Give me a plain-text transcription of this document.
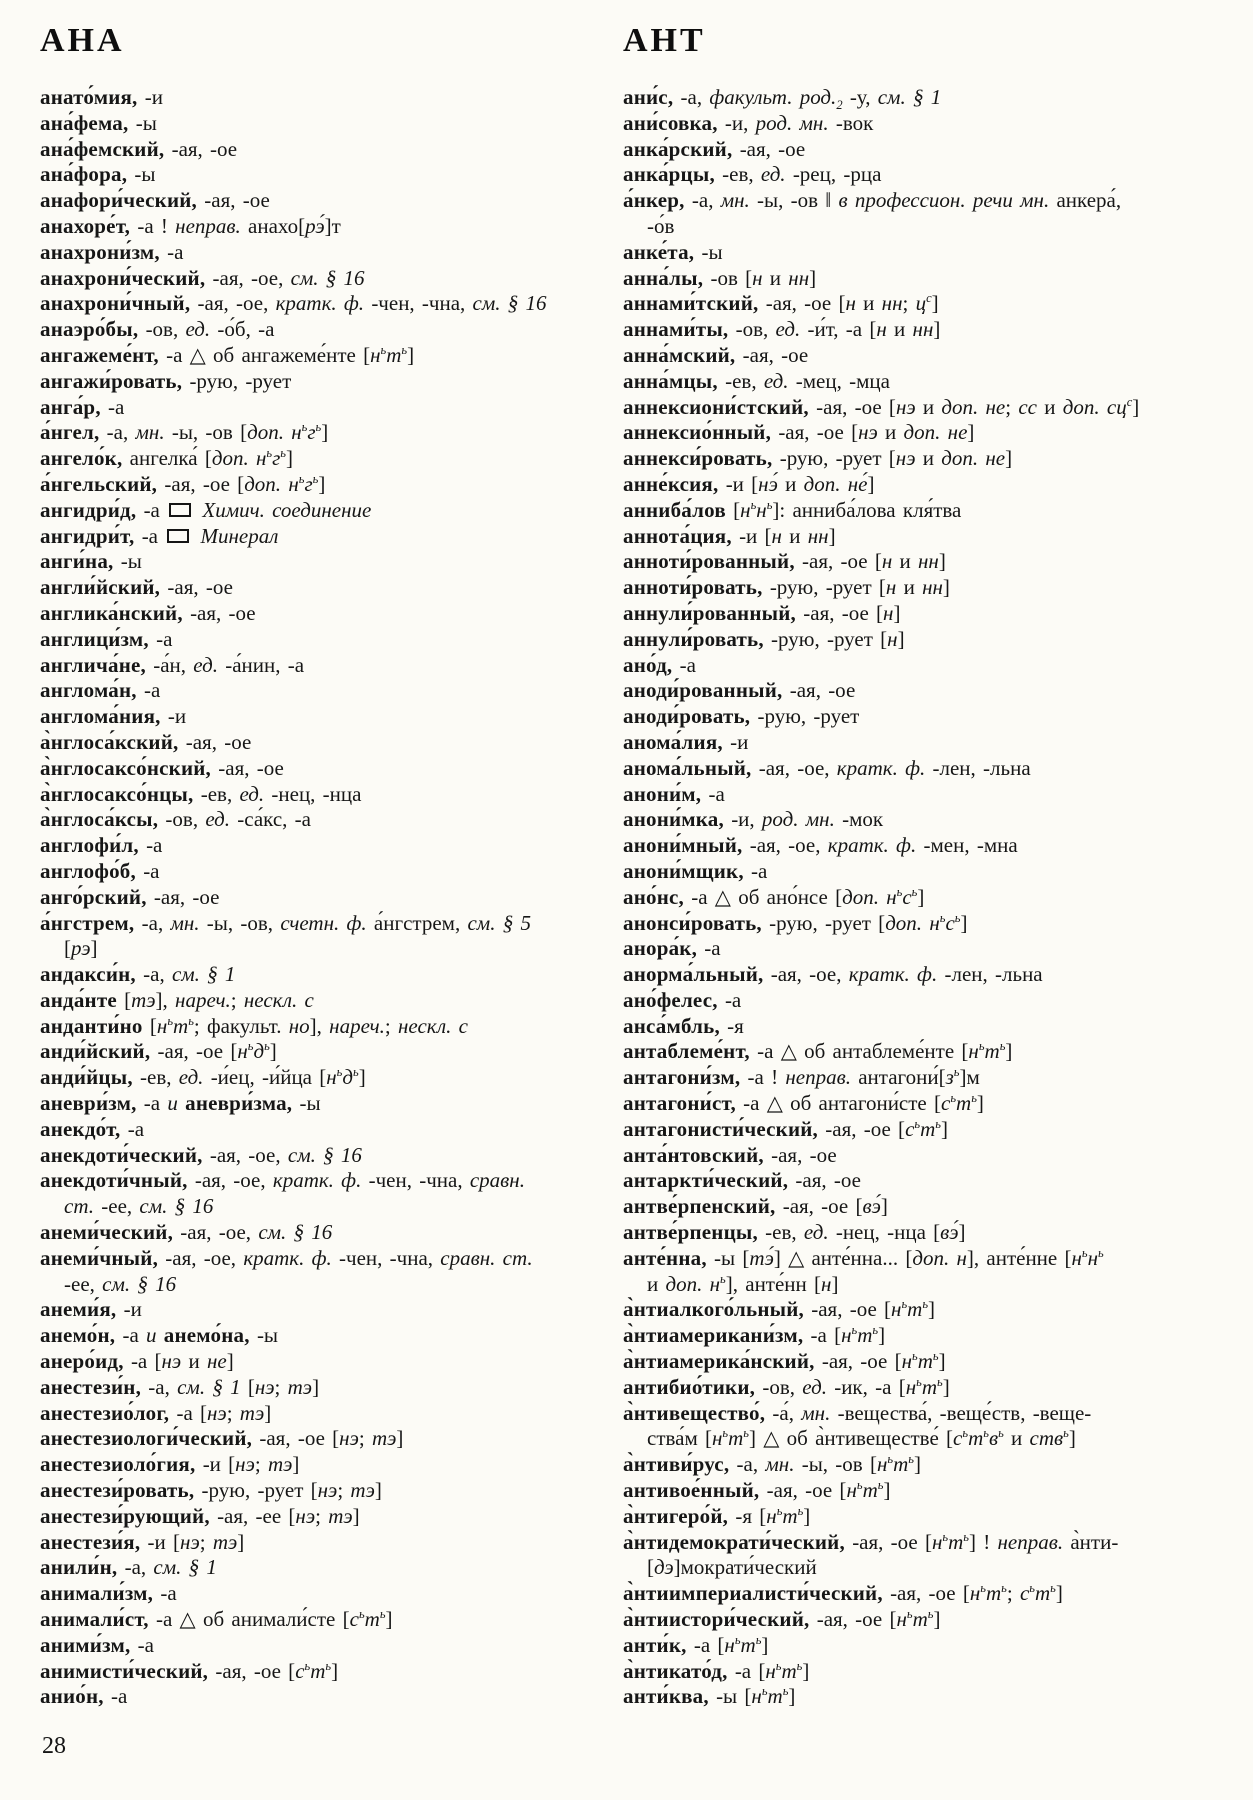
АНА	АНТ
анато́мия, -и
ана́фема, -ы
ана́фемский, -ая, -ое
ана́фора, -ы
анафори́ческий, -ая, -ое
анахоре́т, -а ! неправ. анахо[рэ́]т
анахрони́зм, -а
анахрони́ческий, -ая, -ое, см. § 16
анахрони́чный, -ая, -ое, кратк. ф. -чен, -чна, см. § 16
анаэро́бы, -ов, ед. -о́б, -а
ангажеме́нт, -а △ об ангажеме́нте $[н^ьт^ь]$
ангажи́ровать, -рую, -рует
анга́р, -а
а́нгел, -а, мн. -ы, -ов [доп. $н^ьг^ь$]
ангело́к, ангелка́ [доп. $н^ьг^ь$]
а́нгельский, -ая, -ое [доп. $н^ьг^ь$]
ангидри́д, -а  Химич. соединение
ангидри́т, -а  Минерал
анги́на, -ы
англи́йский, -ая, -ое
англика́нский, -ая, -ое
англици́зм, -а
англича́не, -а́н, ед. -а́нин, -а
англома́н, -а
англома́ния, -и
а̀нглоса́кский, -ая, -ое
а̀нглосаксо́нский, -ая, -ое
а̀нглосаксо́нцы, -ев, ед. -нец, -нца
а̀нглоса́ксы, -ов, ед. -са́кс, -а
англофи́л, -а
англофо́б, -а
анго́рский, -ая, -ое
а́нгстрем, -а, мн. -ы, -ов, счетн. ф. а́нгстрем, см. § 5
[рэ]
андакси́н, -а, см. § 1
анда́нте [тэ], нареч.; нескл. с
анданти́но [$н^ьт^ь$; факульт. но], нареч.; нескл. с
анди́йский, -ая, -ое $[н^ьд^ь]$
анди́йцы, -ев, ед. -и́ец, -и́йца $[н^ьд^ь]$
аневри́зм, -а и аневри́зма, -ы
анекдо́т, -а
анекдоти́ческий, -ая, -ое, см. § 16
анекдоти́чный, -ая, -ое, кратк. ф. -чен, -чна, сравн.
ст. -ее, см. § 16
анеми́ческий, -ая, -ое, см. § 16
анеми́чный, -ая, -ое, кратк. ф. -чен, -чна, сравн. ст.
-ее, см. § 16
анеми́я, -и
анемо́н, -а и анемо́на, -ы
анеро́ид, -а [нэ и не]
анестези́н, -а, см. § 1 [нэ; тэ]
анестезио́лог, -а [нэ; тэ]
анестезиологи́ческий, -ая, -ое [нэ; тэ]
анестезиоло́гия, -и [нэ; тэ]
анестези́ровать, -рую, -рует [нэ; тэ]
анестези́рующий, -ая, -ее [нэ; тэ]
анестези́я, -и [нэ; тэ]
анили́н, -а, см. § 1
анимали́зм, -а
анимали́ст, -а △ об анимали́сте $[с^ьт^ь]$
аними́зм, -а
анимисти́ческий, -ая, -ое $[с^ьт^ь]$
анио́н, -а
ани́с, -а, факульт. $род._2$ -у, см. § 1
ани́совка, -и, род. мн. -вок
анка́рский, -ая, -ое
анка́рцы, -ев, ед. -рец, -рца
а́нкер, -а, мн. -ы, -ов ‖ в профессион. речи мн. анкера́,
-о́в
анке́та, -ы
анна́лы, -ов [н и нн]
аннами́тский, -ая, -ое [н и нн; $ц^с$]
аннами́ты, -ов, ед. -и́т, -а [н и нн]
анна́мский, -ая, -ое
анна́мцы, -ев, ед. -мец, -мца
аннексиони́стский, -ая, -ое [нэ и доп. не; сс и доп. $сц^с$]
аннексио́нный, -ая, -ое [нэ и доп. не]
аннекси́ровать, -рую, -рует [нэ и доп. не]
анне́ксия, -и [нэ́ и доп. не́]
анниба́лов $[н^ьн^ь]$: анниба́лова кля́тва
аннота́ция, -и [н и нн]
анноти́рованный, -ая, -ое [н и нн]
анноти́ровать, -рую, -рует [н и нн]
аннули́рованный, -ая, -ое [н]
аннули́ровать, -рую, -рует [н]
ано́д, -а
аноди́рованный, -ая, -ое
аноди́ровать, -рую, -рует
анома́лия, -и
анома́льный, -ая, -ое, кратк. ф. -лен, -льна
анони́м, -а
анони́мка, -и, род. мн. -мок
анони́мный, -ая, -ое, кратк. ф. -мен, -мна
анони́мщик, -а
ано́нс, -а △ об ано́нсе [доп. $н^ьс^ь$]
анонси́ровать, -рую, -рует [доп. $н^ьс^ь$]
анора́к, -а
анорма́льный, -ая, -ое, кратк. ф. -лен, -льна
ано́фелес, -а
анса́мбль, -я
антаблеме́нт, -а △ об антаблеме́нте $[н^ьт^ь]$
антагони́зм, -а ! неправ. $антагони́[з^ь]м$
антагони́ст, -а △ об антагони́сте $[с^ьт^ь]$
антагонисти́ческий, -ая, -ое $[с^ьт^ь]$
анта́нтовский, -ая, -ое
антаркти́ческий, -ая, -ое
антве́рпенский, -ая, -ое [вэ́]
антве́рпенцы, -ев, ед. -нец, -нца [вэ́]
анте́нна, -ы [тэ́] △ анте́нна... [доп. н], анте́нне [$н^ьн^ь$
и доп. $н^ь$], анте́нн [н]
а̀нтиалкого́льный, -ая, -ое $[н^ьт^ь]$
а̀нтиамерикани́зм, -а $[н^ьт^ь]$
а̀нтиамерика́нский, -ая, -ое $[н^ьт^ь]$
антибио́тики, -ов, ед. -ик, -а $[н^ьт^ь]$
а̀нтивещество́, -а́, мн. -вещества́, -веще́ств, -веще-
ства́м $[н^ьт^ь]$ △ об а̀нтивеществе́ [$с^ьт^ьв^ь$ и ств$^ь$]
а̀нтиви́рус, -а, мн. -ы, -ов $[н^ьт^ь]$
антивое́нный, -ая, -ое $[н^ьт^ь]$
а̀нтигеро́й, -я $[н^ьт^ь]$
а̀нтидемократи́ческий, -ая, -ое $[н^ьт^ь]$ ! неправ. а̀нти-
[дэ]мократи́ческий
а̀нтиимпериалисти́ческий, -ая, -ое [$н^ьт^ь$; $с^ьт^ь$]
а̀нтиистори́ческий, -ая, -ое $[н^ьт^ь]$
анти́к, -а $[н^ьт^ь]$
а̀нтикато́д, -а $[н^ьт^ь]$
анти́ква, -ы $[н^ьт^ь]$
28
